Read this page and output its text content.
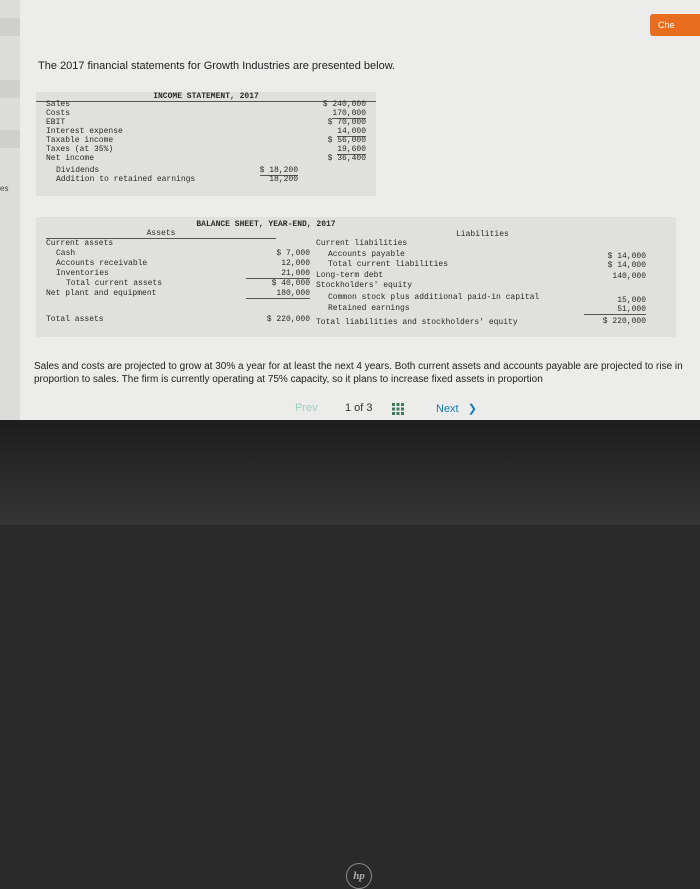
es
Che
The 2017 financial statements for Growth Industries are presented below.
INCOME STATEMENT, 2017
Sales	$ 240,000
Costs	170,000
EBIT	$ 70,000
Interest expense	14,000
Taxable income	$ 56,000
Taxes (at 35%)	19,600
Net income	$ 36,400
Dividends	$ 18,200
Addition to retained earnings	18,200
BALANCE SHEET, YEAR-END, 2017
Assets	Liabilities
Current assets
Cash	$ 7,000
Accounts receivable	12,000
Inventories	21,000
Total current assets	$ 40,000
Net plant and equipment	180,000
Total assets	$ 220,000
Current liabilities
Accounts payable	$ 14,000
Total current liabilities	$ 14,000
Long-term debt	140,000
Stockholders' equity
Common stock plus additional paid-in capital	15,000
Retained earnings	51,000
Total liabilities and stockholders' equity	$ 220,000
Sales and costs are projected to grow at 30% a year for at least the next 4 years. Both current assets and accounts payable are projected to rise in proportion to sales. The firm is currently operating at 75% capacity, so it plans to increase fixed assets in proportion
Prev 1 of 3	Next ❯
hp
